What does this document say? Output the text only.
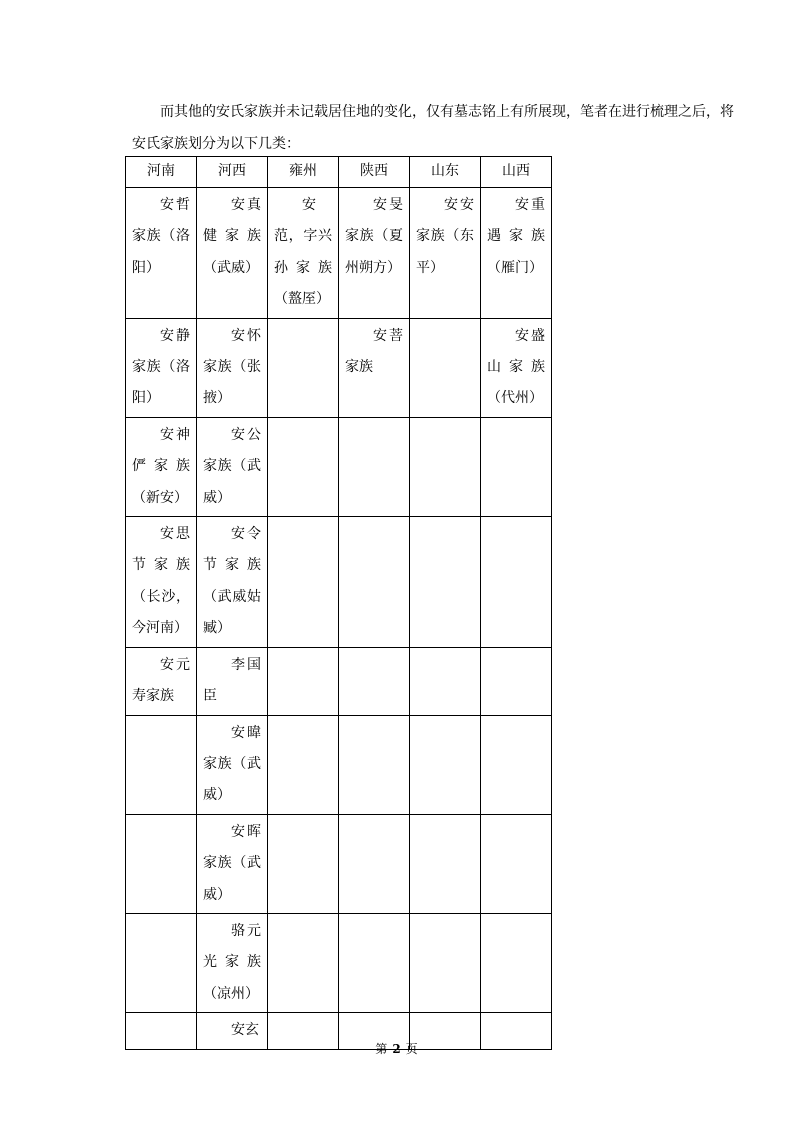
而其他的安氏家族并未记载居住地的变化，仅有墓志铭上有所展现，笔者在进行梳理之后，将安氏家族划分为以下几类：

河南	河西	雍州	陕西	山东	山西

安哲家族（洛阳）	安真健家族（武威）	安范，字兴孙家族（盩厔）	安旻家族（夏州朔方）	安安家族（东平）	安重遇家族（雁门）

安静家族（洛阳）	安怀家族（张掖）		安菩家族		安盛山家族（代州）

安神俨家族（新安）	安公家族（武威）				

安思节家族（长沙，今河南）	安令节家族（武威姑臧）				

安元寿家族	李国臣				

	安暐家族（武威）				

	安晖家族（武威）				

	骆元光家族（凉州）				

	安玄				

第 2 页
